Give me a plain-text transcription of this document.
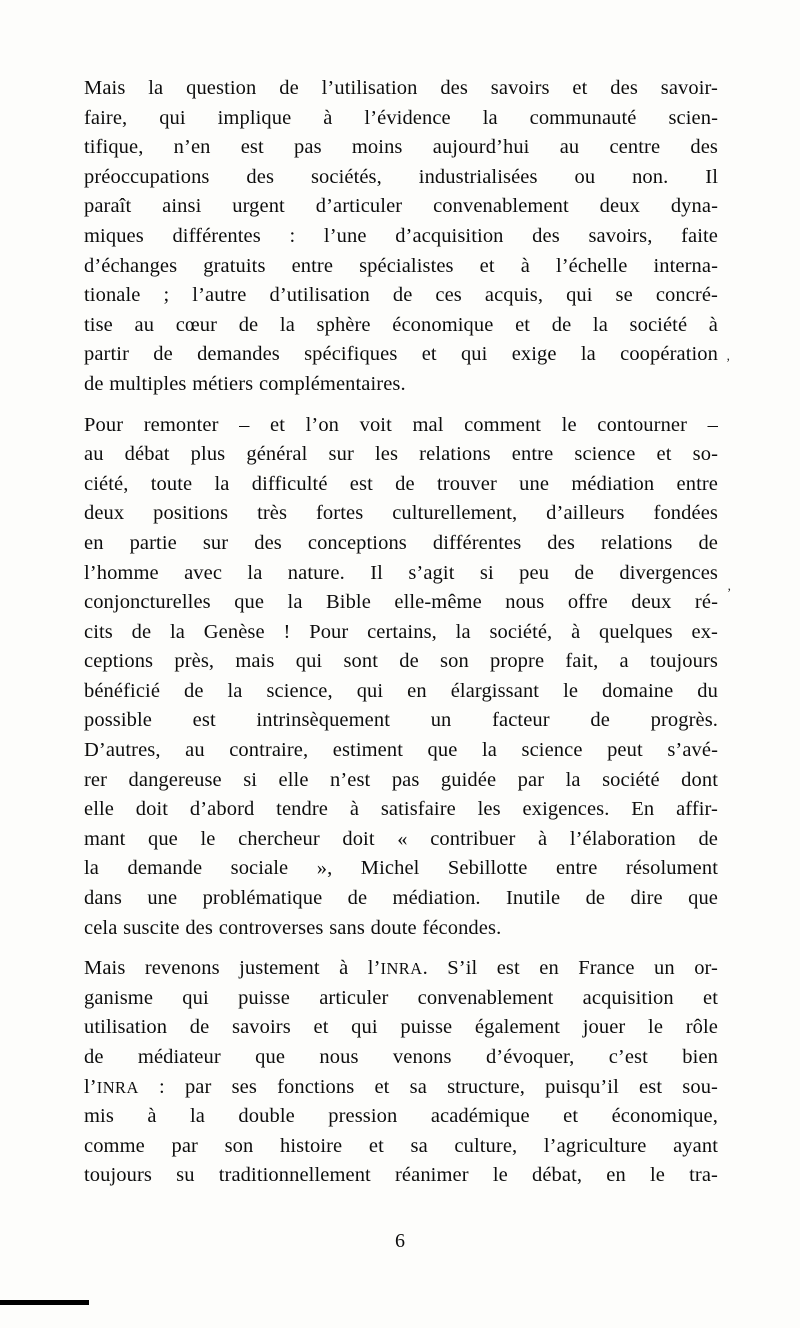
Mais la question de l’utilisation des savoirs et des savoir-
faire, qui implique à l’évidence la communauté scien-
tifique, n’en est pas moins aujourd’hui au centre des
préoccupations des sociétés, industrialisées ou non. Il
paraît ainsi urgent d’articuler convenablement deux dyna-
miques différentes : l’une d’acquisition des savoirs, faite
d’échanges gratuits entre spécialistes et à l’échelle interna-
tionale ; l’autre d’utilisation de ces acquis, qui se concré-
tise au cœur de la sphère économique et de la société à
partir de demandes spécifiques et qui exige la coopération
de multiples métiers complémentaires.
Pour remonter – et l’on voit mal comment le contourner –
au débat plus général sur les relations entre science et so-
ciété, toute la difficulté est de trouver une médiation entre
deux positions très fortes culturellement, d’ailleurs fondées
en partie sur des conceptions différentes des relations de
l’homme avec la nature. Il s’agit si peu de divergences
conjoncturelles que la Bible elle-même nous offre deux ré-
cits de la Genèse ! Pour certains, la société, à quelques ex-
ceptions près, mais qui sont de son propre fait, a toujours
bénéficié de la science, qui en élargissant le domaine du
possible est intrinsèquement un facteur de progrès.
D’autres, au contraire, estiment que la science peut s’avé-
rer dangereuse si elle n’est pas guidée par la société dont
elle doit d’abord tendre à satisfaire les exigences. En affir-
mant que le chercheur doit « contribuer à l’élaboration de
la demande sociale », Michel Sebillotte entre résolument
dans une problématique de médiation. Inutile de dire que
cela suscite des controverses sans doute fécondes.
Mais revenons justement à l’INRA. S’il est en France un or-
ganisme qui puisse articuler convenablement acquisition et
utilisation de savoirs et qui puisse également jouer le rôle
de médiateur que nous venons d’évoquer, c’est bien
l’INRA : par ses fonctions et sa structure, puisqu’il est sou-
mis à la double pression académique et économique,
comme par son histoire et sa culture, l’agriculture ayant
toujours su traditionnellement réanimer le débat, en le tra-
6
’
’
